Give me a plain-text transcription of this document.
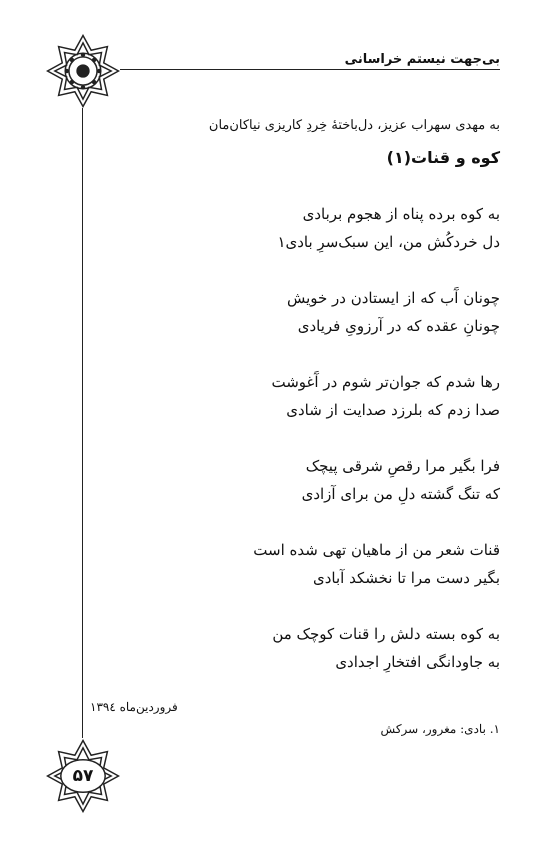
بی‌جهت نیستم خراسانی
به مهدی سهراب عزیز، دل‌باختهٔ خِردِ کاریزی نیاکان‌مان
کوه و قنات(۱)
به کوه برده پناه از هجوم بربادی
دل خردکُش من، این سبک‌سرِ بادی۱
چونان آَب که از ایستادن در خویش
چونانِ عقده که در آرزویِ فریادی
رها شدم که جوان‌تر شوم در آَغوشت
صدا زدم که بلرزد صدایت از شادی
فرا بگیر مرا رقصِ شرقی پیچک
که تنگ گشته دلِ من برای آزادی
قنات شعر من از ماهیان تهی شده است
بگیر دست مرا تا نخشکد آبادی
به کوه بسته دلش را قنات کوچک من
به جاودانگی افتخارِ اجدادی
فروردین‌ماه ۱۳۹٤
۱. بادی: مغرور، سرکش
۵۷
